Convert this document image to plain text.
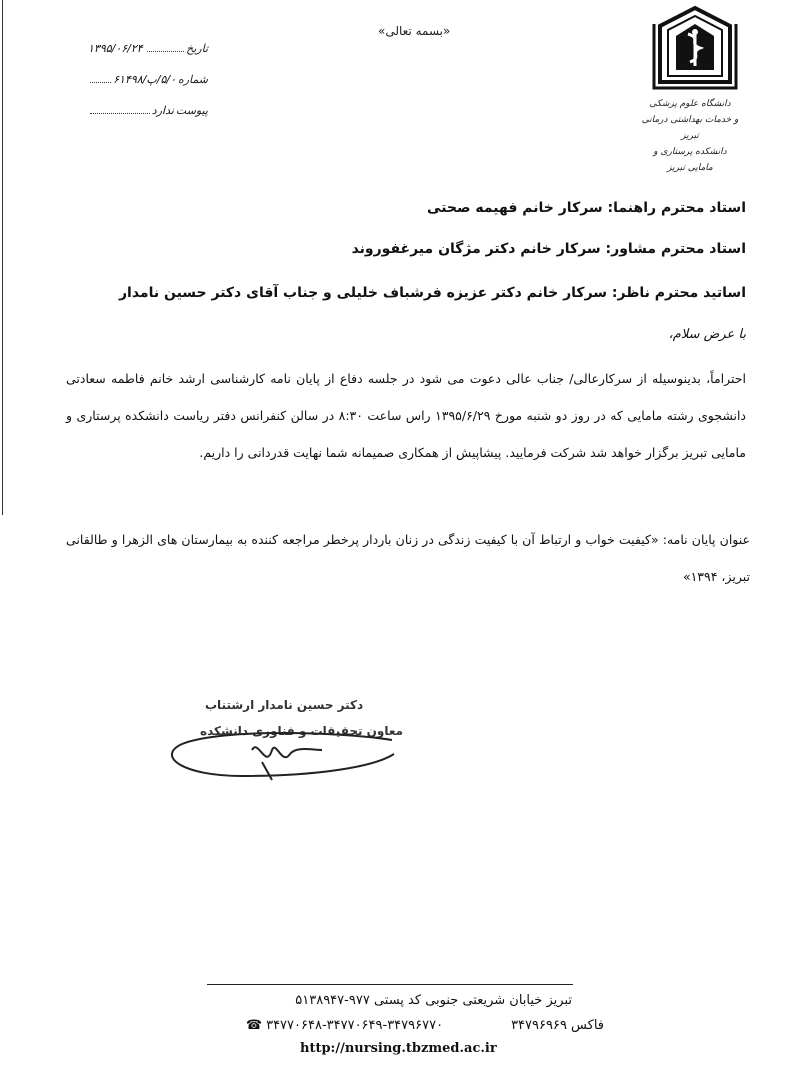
تاریخ
۱۳۹۵/۰۶/۲۴
شماره
۵/۰/پ/۶۱۴۹۸
پیوست
ندارد
«بسمه تعالی»
دانشگاه علوم پزشکی
و خدمات بهداشتی درمانی تبریز
دانشکده پرستاری و مامایی تبریز
استاد محترم راهنما: سرکار خانم فهیمه صحتی
استاد محترم مشاور: سرکار خانم دکتر مژگان میرغفوروند
اساتید محترم ناظر: سرکار خانم دکتر عزیزه فرشباف خلیلی و جناب آقای دکتر حسین نامدار
با عرض سلام،
احتراماً، بدینوسیله از سرکارعالی/ جناب عالی دعوت می شود در جلسه دفاع از پایان نامه کارشناسی ارشد خانم فاطمه سعادتی دانشجوی رشته مامایی که در روز دو شنبه مورخ ۱۳۹۵/۶/۲۹ راس ساعت ۸:۳۰ در سالن کنفرانس دفتر ریاست دانشکده پرستاری و مامایی تبریز برگزار خواهد شد شرکت فرمایید. پیشاپیش از همکاری صمیمانه شما نهایت قدردانی را داریم.
عنوان پایان نامه: «کیفیت خواب و ارتباط آن با کیفیت زندگی در زنان باردار پرخطر مراجعه کننده به بیمارستان های الزهرا و طالقانی تبریز، ۱۳۹۴»
دکتر حسین نامدار ارشتناب
معاون تحقیقات و فناوری دانشکده
تبریز خیابان شریعتی جنوبی کد پستی ۹۷۷-۵۱۳۸۹۴۷
فاکس ۳۴۷۹۶۹۶۹
۳۴۷۷۰۶۴۸-۳۴۷۷۰۶۴۹-۳۴۷۹۶۷۷۰
☎
http://nursing.tbzmed.ac.ir
